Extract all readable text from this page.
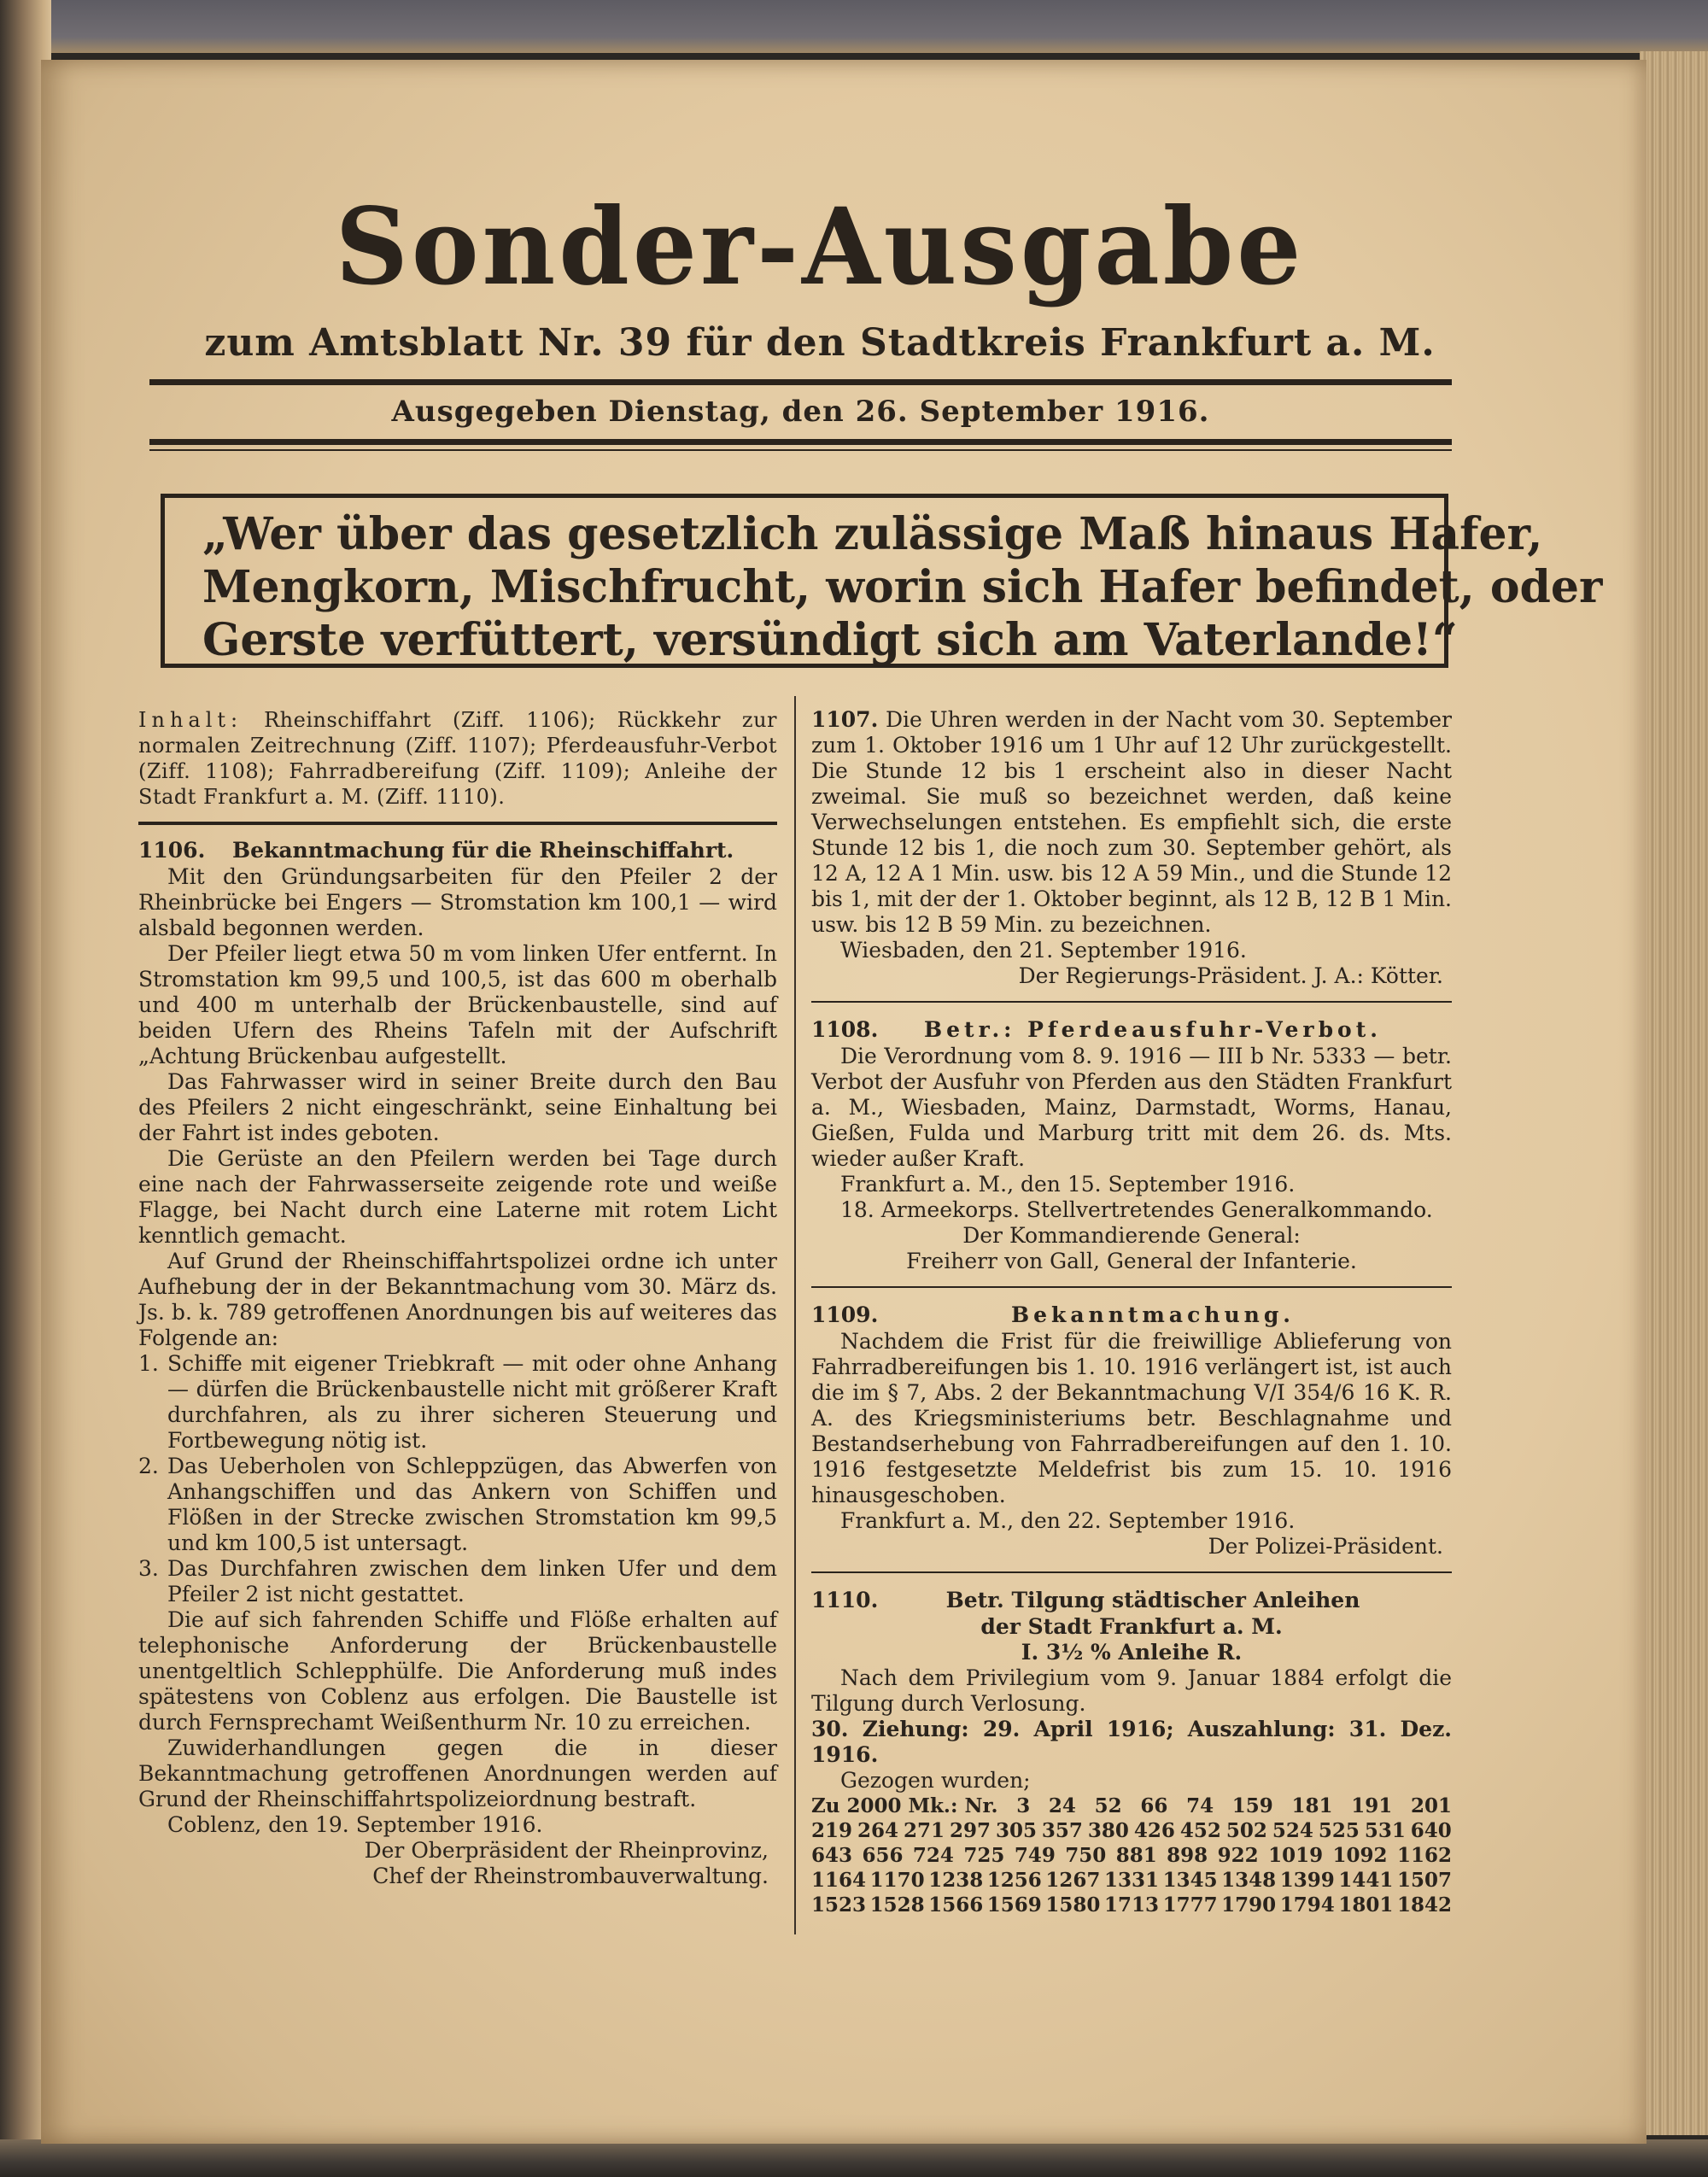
Sonder-Ausgabe
zum Amtsblatt Nr. 39 für den Stadtkreis Frankfurt a. M.
Ausgegeben Dienstag, den 26. September 1916.
„Wer über das gesetzlich zulässige Maß hinaus Hafer,
Mengkorn, Mischfrucht, worin sich Hafer befindet, oder
Gerste verfüttert, versündigt sich am Vaterlande!“
Inhalt: Rheinschiffahrt (Ziff. 1106); Rückkehr zur normalen Zeitrechnung (Ziff. 1107); Pferdeausfuhr-Verbot (Ziff. 1108); Fahrradbereifung (Ziff. 1109); Anleihe der Stadt Frankfurt a. M. (Ziff. 1110).
1106.	Bekanntmachung für die Rheinschiffahrt.

Mit den Gründungsarbeiten für den Pfeiler 2 der Rheinbrücke bei Engers — Stromstation km 100,1 — wird alsbald begonnen werden.

Der Pfeiler liegt etwa 50 m vom linken Ufer entfernt. In Stromstation km 99,5 und 100,5, ist das 600 m oberhalb und 400 m unterhalb der Brückenbaustelle, sind auf beiden Ufern des Rheins Tafeln mit der Aufschrift „Achtung Brückenbau aufgestellt.

Das Fahrwasser wird in seiner Breite durch den Bau des Pfeilers 2 nicht eingeschränkt, seine Einhaltung bei der Fahrt ist indes geboten.

Die Gerüste an den Pfeilern werden bei Tage durch eine nach der Fahrwasserseite zeigende rote und weiße Flagge, bei Nacht durch eine Laterne mit rotem Licht kenntlich gemacht.

Auf Grund der Rheinschiffahrtspolizei ordne ich unter Aufhebung der in der Bekanntmachung vom 30. März ds. Js. b. k. 789 getroffenen Anordnungen bis auf weiteres das Folgende an:

1. Schiffe mit eigener Triebkraft — mit oder ohne Anhang — dürfen die Brückenbaustelle nicht mit größerer Kraft durchfahren, als zu ihrer sicheren Steuerung und Fortbewegung nötig ist.
2. Das Ueberholen von Schleppzügen, das Abwerfen von Anhangschiffen und das Ankern von Schiffen und Flößen in der Strecke zwischen Stromstation km 99,5 und km 100,5 ist untersagt.
3. Das Durchfahren zwischen dem linken Ufer und dem Pfeiler 2 ist nicht gestattet.

Die auf sich fahrenden Schiffe und Flöße erhalten auf telephonische Anforderung der Brückenbaustelle unentgeltlich Schlepphülfe. Die Anforderung muß indes spätestens von Coblenz aus erfolgen. Die Baustelle ist durch Fernsprechamt Weißenthurm Nr. 10 zu erreichen.

Zuwiderhandlungen gegen die in dieser Bekanntmachung getroffenen Anordnungen werden auf Grund der Rheinschiffahrtspolizeiordnung bestraft.

Coblenz, den 19. September 1916.

Der Oberpräsident der Rheinprovinz,

Chef der Rheinstrombauverwaltung.

1107. Die Uhren werden in der Nacht vom 30. September zum 1. Oktober 1916 um 1 Uhr auf 12 Uhr zurückgestellt. Die Stunde 12 bis 1 erscheint also in dieser Nacht zweimal. Sie muß so bezeichnet werden, daß keine Verwechselungen entstehen. Es empfiehlt sich, die erste Stunde 12 bis 1, die noch zum 30. September gehört, als 12 A, 12 A 1 Min. usw. bis 12 A 59 Min., und die Stunde 12 bis 1, mit der der 1. Oktober beginnt, als 12 B, 12 B 1 Min. usw. bis 12 B 59 Min. zu bezeichnen.

Wiesbaden, den 21. September 1916.

Der Regierungs-Präsident. J. A.: Kötter.

1108.	Betr.: Pferdeausfuhr-Verbot.

Die Verordnung vom 8. 9. 1916 — III b Nr. 5333 — betr. Verbot der Ausfuhr von Pferden aus den Städten Frankfurt a. M., Wiesbaden, Mainz, Darmstadt, Worms, Hanau, Gießen, Fulda und Marburg tritt mit dem 26. ds. Mts. wieder außer Kraft.

Frankfurt a. M., den 15. September 1916.

18. Armeekorps. Stellvertretendes Generalkommando.

Der Kommandierende General:

Freiherr von Gall, General der Infanterie.

1109.	Bekanntmachung.

Nachdem die Frist für die freiwillige Ablieferung von Fahrradbereifungen bis 1. 10. 1916 verlängert ist, ist auch die im § 7, Abs. 2 der Bekanntmachung V/I 354/6 16 K. R. A. des Kriegsministeriums betr. Beschlagnahme und Bestandserhebung von Fahrradbereifungen auf den 1. 10. 1916 festgesetzte Meldefrist bis zum 15. 10. 1916 hinausgeschoben.

Frankfurt a. M., den 22. September 1916.

Der Polizei-Präsident.

1110.	Betr. Tilgung städtischer Anleihen

der Stadt Frankfurt a. M.

I. 3½ % Anleihe R.

Nach dem Privilegium vom 9. Januar 1884 erfolgt die Tilgung durch Verlosung.

30. Ziehung: 29. April 1916; Auszahlung: 31. Dez. 1916.

Gezogen wurden;

Zu 2000 Mk.: Nr. 3 24 52 66 74 159 181 191 201
219 264 271 297 305 357 380 426 452 502 524 525 531 640
643 656 724 725 749 750 881 898 922 1019 1092 1162
1164 1170 1238 1256 1267 1331 1345 1348 1399 1441 1507
1523 1528 1566 1569 1580 1713 1777 1790 1794 1801 1842
